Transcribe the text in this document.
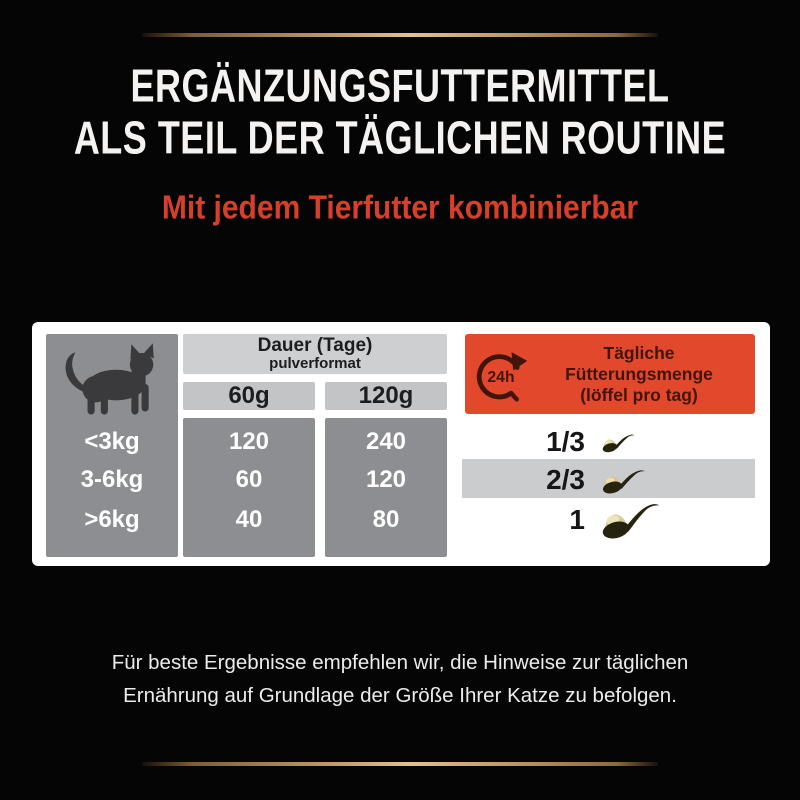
ERGÄNZUNGSFUTTERMITTEL
ALS TEIL DER TÄGLICHEN ROUTINE
Mit jedem Tierfutter kombinierbar
Dauer (Tage)
pulverformat
60g	120g
24h
Tägliche Fütterungsmenge
(löffel pro tag)
<3kg
3-6kg
>6kg
120
60
40
240
120
80
1/3
2/3
1
Für beste Ergebnisse empfehlen wir, die Hinweise zur täglichen
Ernährung auf Grundlage der Größe Ihrer Katze zu befolgen.
